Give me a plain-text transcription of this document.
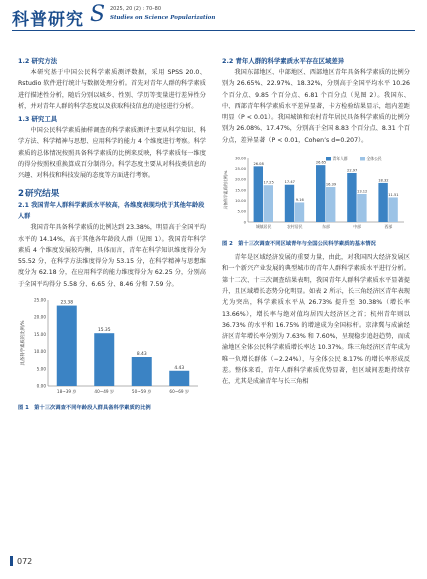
科普研究 S 2025, 20 (2) : 70–80
Studies on Science Popularization
1.2 研究方法
本研究基于中国公民科学素质测评数据，采用 SPSS 20.0、Rstudio 软件进行统计与数据处理分析。首先对青年人群的科学素质进行描述性分析，随后分别以城乡、性别、学历等变量进行差异性分析，并对青年人群的科学态度以及获取科技信息的途径进行分析。
1.3 研究工具
中国公民科学素质抽样调查的科学素质测评主要从科学知识、科学方法、科学精神与思想、应用科学的能力 4 个维度进行考察。科学素质的总体情况按照具备科学素质的比例来反映，科学素质每一维度的得分按照权重换算成百分制得分。科学态度主要从对科技类信息的兴趣、对科技和科技发展的态度等方面进行考察。
2 研究结果
2.1 我国青年人群科学素质水平较高，各维度表现均优于其他年龄段人群
我国青年具备科学素质的比例达到 23.38%，明显高于全国平均水平的 14.14%，高于其他各年龄段人群（见图 1）。我国青年科学素质 4 个维度发展较均衡，具体而言，青年在科学知识维度得分为 55.52 分，在科学方法维度得分为 53.15 分，在科学精神与思想维度分为 62.18 分，在应用科学的能力维度得分为 62.25 分，分别高于全国平均得分 5.58 分、6.65 分、8.46 分和 7.59 分。
0.00
5.00
10.00
15.00
20.00
25.00
具备科学素质的比例/%
23.38
18~39 岁
15.35
40~49 岁
8.43
50~59 岁
4.43
60~69 岁
图 1　第十三次调查不同年龄段人群具备科学素质的比例
2.2 青年人群的科学素质水平存在区域差异
我国东部地区、中部地区、西部地区青年具备科学素质的比例分别为 26.65%、22.97%、18.32%，分别高于全国平均水平 10.26 个百分点、9.85 个百分点、6.81 个百分点（见图 2）。我国东、中、西部青年科学素质水平差异显著，卡方检验结果显示，组内差距明显（P < 0.01）。我国城镇和农村青年居民具备科学素质的比例分别为 26.08%、17.47%，分别高于全国 8.83 个百分点、8.31 个百分点，差异显著（P < 0.01，Cohen’s d=0.207）。
0
5.00
10.00
15.00
20.00
25.00
30.00
具备科学素质的比例/%
青年人群	全体公民
26.08
17.25
城镇居民
17.47
9.16
农村居民
26.65
16.39
东部
22.97
13.12
中部
18.32
11.51
西部
图 2　第十三次调查不同区域青年与全国公民科学素质的基本情况
青年是区域经济发展的重要力量，由此，对我国四大经济发展区和一个新兴产业发展的典型城市的青年人群科学素质水平进行分析。第十二次、十三次调查结果表明，我国青年人群科学素质水平显著提升，且区域增长态势分化明显。如表 2 所示，长三角经济区青年表现尤为突出，科学素质水平从 26.73% 提升至 30.38%（增长率 13.66%），增长率与绝对值均居四大经济区之首；杭州青年则以 36.73% 的水平和 16.75% 的增速成为全国标杆。京津冀与成渝经济区青年增长率分别为 7.63% 和 7.60%，呈现稳步追赶趋势，而成渝地区全体公民科学素质增长率达 10.37%。珠三角经济区青年成为唯一负增长群体（−2.24%），与全体公民 8.17% 的增长率形成反差。整体来看，青年人群科学素质优势显著，但区域间差距持续存在，尤其是成渝青年与长三角相
072
